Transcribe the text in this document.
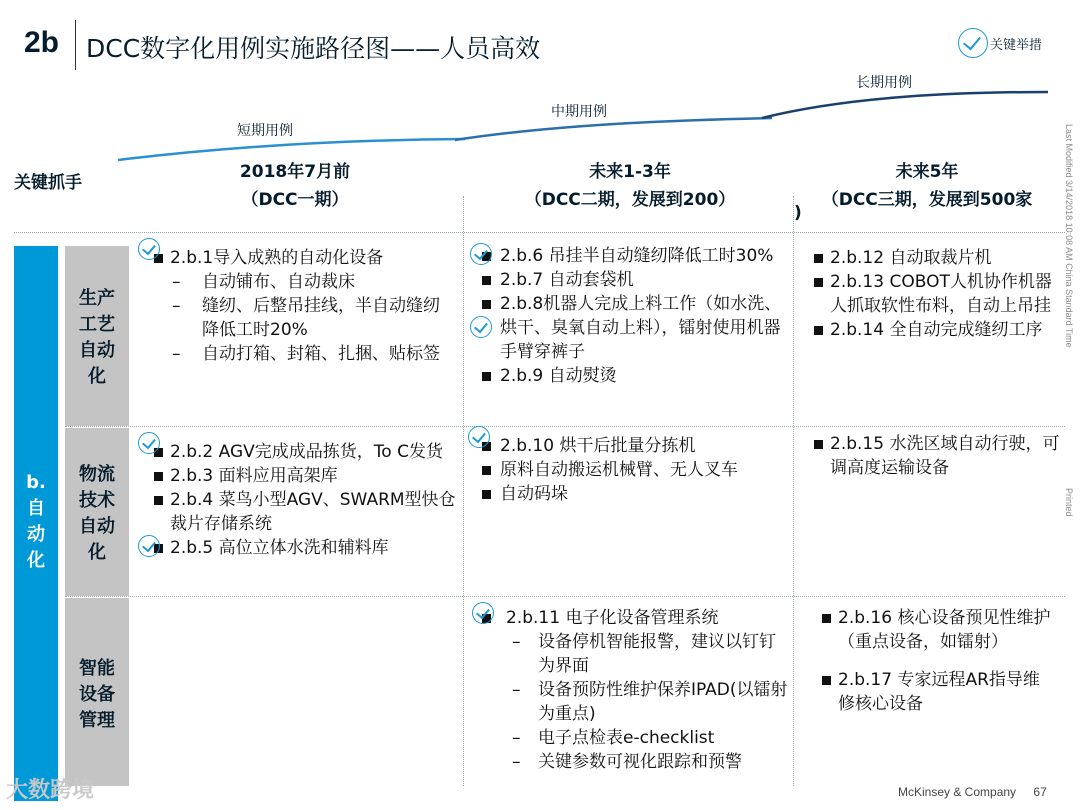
2b DCC数字化用例实施路径图——人员高效	关键举措
短期用例
中期用例
长期用例
关键抓手
2018年7月前
（DCC一期）
未来1-3年
（DCC二期，发展到200）
未来5年
（DCC三期，发展到500家
)
b.
自
动
化
生产
工艺
自动
化
物流
技术
自动
化
智能
设备
管理
2.b.1导入成熟的自动化设备
– 自动铺布、自动裁床
– 缝纫、后整吊挂线，半自动缝纫降低工时20%
– 自动打箱、封箱、扎捆、贴标签
2.b.6 吊挂半自动缝纫降低工时30%
2.b.7 自动套袋机
2.b.8机器人完成上料工作（如水洗、烘干、臭氧自动上料），镭射使用机器手臂穿裤子
2.b.9 自动熨烫
2.b.12 自动取裁片机
2.b.13 COBOT人机协作机器人抓取软性布料，自动上吊挂
2.b.14 全自动完成缝纫工序
2.b.2 AGV完成成品拣货，To C发货
2.b.3 面料应用高架库
2.b.4 菜鸟小型AGV、SWARM型快仓裁片存储系统
2.b.5 高位立体水洗和辅料库
2.b.10 烘干后批量分拣机
原料自动搬运机械臂、无人叉车
自动码垛
2.b.15 水洗区域自动行驶，可调高度运输设备
2.b.11 电子化设备管理系统
– 设备停机智能报警，建议以钉钉为界面
– 设备预防性维护保养IPAD(以镭射为重点)
– 电子点检表e-checklist
– 关键参数可视化跟踪和预警
2.b.16 核心设备预见性维护（重点设备，如镭射）
2.b.17 专家远程AR指导维修核心设备
Last Modified 3/14/2018 10:08 AM China Standard Time
Printed
McKinsey & Company 67
大数跨境
